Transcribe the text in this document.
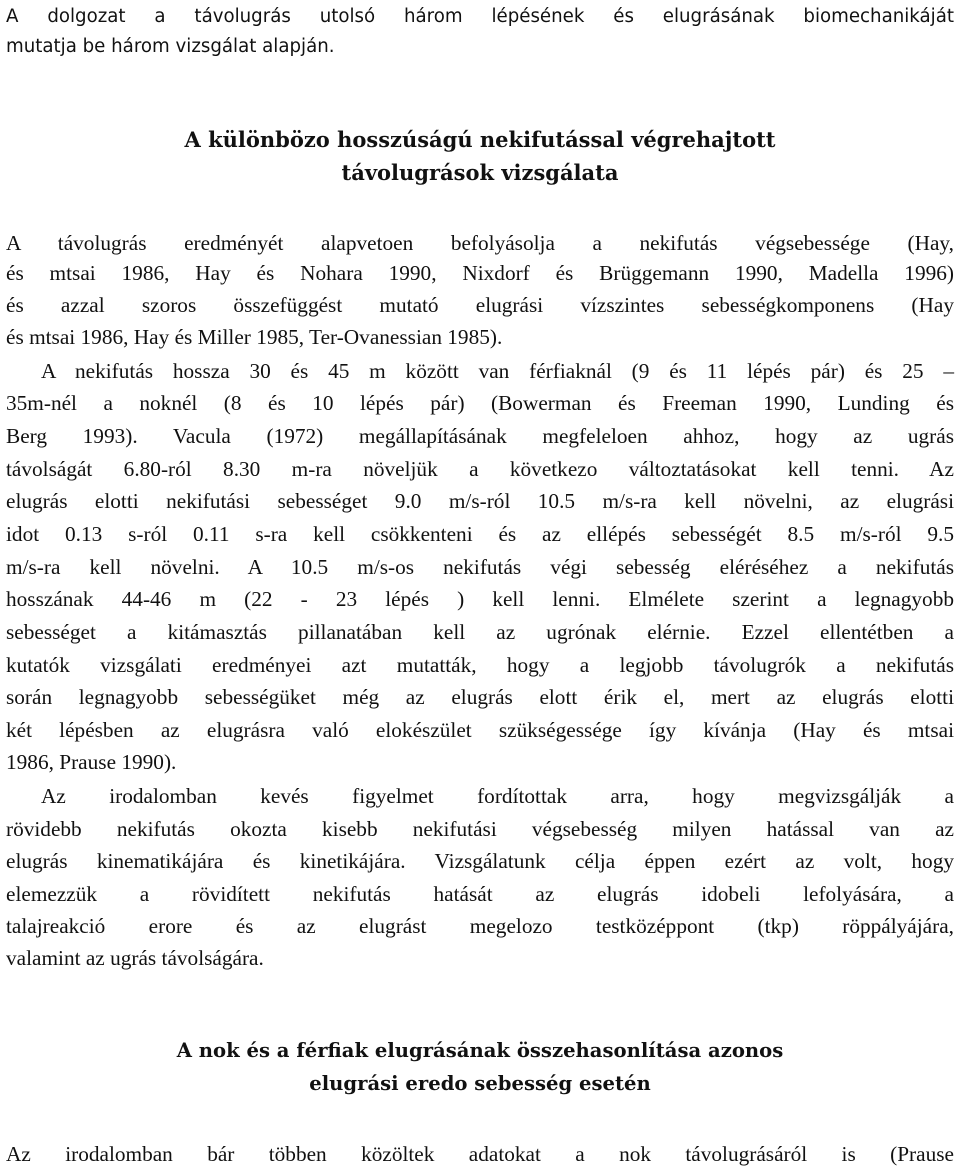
A dolgozat a távolugrás utolsó három lépésének és elugrásának biomechanikáját
mutatja be három vizsgálat alapján.
A különbözo hosszúságú nekifutással végrehajtott
távolugrások vizsgálata
A távolugrás eredményét alapvetoen befolyásolja a nekifutás végsebessége (Hay,
és mtsai 1986, Hay és Nohara 1990, Nixdorf és Brüggemann 1990, Madella 1996)
és azzal szoros összefüggést mutató elugrási vízszintes sebességkomponens (Hay
és mtsai 1986, Hay és Miller 1985, Ter-Ovanessian 1985).
A nekifutás hossza 30 és 45 m között van férfiaknál (9 és 11 lépés pár) és 25 –
35m-nél a noknél (8 és 10 lépés pár) (Bowerman és Freeman 1990, Lunding és
Berg 1993). Vacula (1972) megállapításának megfeleloen ahhoz, hogy az ugrás
távolságát 6.80-ról 8.30 m-ra növeljük a következo változtatásokat kell tenni. Az
elugrás elotti nekifutási sebességet 9.0 m/s-ról 10.5 m/s-ra kell növelni, az elugrási
idot 0.13 s-ról 0.11 s-ra kell csökkenteni és az ellépés sebességét 8.5 m/s-ról 9.5
m/s-ra kell növelni. A 10.5 m/s-os nekifutás végi sebesség eléréséhez a nekifutás
hosszának 44-46 m (22 - 23 lépés ) kell lenni. Elmélete szerint a legnagyobb
sebességet a kitámasztás pillanatában kell az ugrónak elérnie. Ezzel ellentétben a
kutatók vizsgálati eredményei azt mutatták, hogy a legjobb távolugrók a nekifutás
során legnagyobb sebességüket még az elugrás elott érik el, mert az elugrás elotti
két lépésben az elugrásra való elokészület szükségessége így kívánja (Hay és mtsai
1986, Prause 1990).
Az irodalomban kevés figyelmet fordítottak arra, hogy megvizsgálják a
rövidebb nekifutás okozta kisebb nekifutási végsebesség milyen hatással van az
elugrás kinematikájára és kinetikájára. Vizsgálatunk célja éppen ezért az volt, hogy
elemezzük a rövidített nekifutás hatását az elugrás idobeli lefolyására, a
talajreakció erore és az elugrást megelozo testközéppont (tkp) röppályájára,
valamint az ugrás távolságára.
A nok és a férfiak elugrásának összehasonlítása azonos
elugrási eredo sebesség esetén
Az irodalomban bár többen közöltek adatokat a nok távolugrásáról is (Prause
